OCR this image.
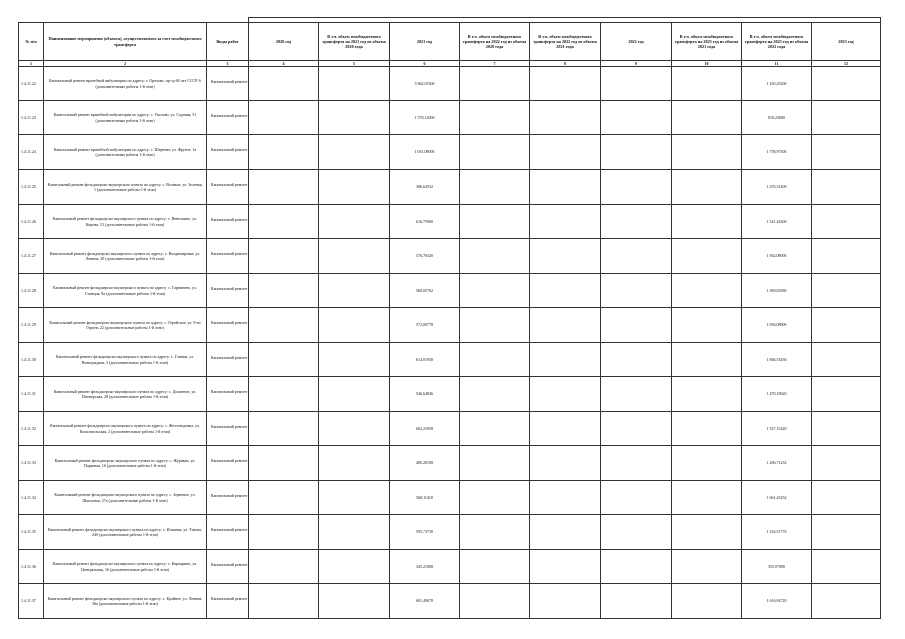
№ п/п	Наименование мероприятия (объекта), осуществляемого за счет межбюджетного трансферта	Виды работ	2020 год	В т.ч. объем межбюджетного трансферта на 2021 год из объема 2020 года	2021 год	В т.ч. объем межбюджетного трансферта на 2022 год из объема 2020 года	В т.ч. объем межбюджетного трансферта на 2022 год из объема 2021 года	2022 год	В т.ч. объем межбюджетного трансферта на 2023 год из объема 2021 года	В т.ч. объем межбюджетного трансферта на 2023 год из объема 2022 года	2023 год
1	2	3	4	5	6	7	8	9	10	11	12
1.4.11.22	Капитальный ремонт врачебной амбулатории по адресу: г. Орехово, пр-зд 60 лет СССР, 6 (дополнительные работы 1-й этап)	Капитальный ремонт			3 962,05300					1 165,25200	
1.4.11.23	Капитальный ремонт врачебной амбулатории по адресу: с. Уколово, ул. Садовая, 51 (дополнительные работы 1-й этап)	Капитальный ремонт			1 570,12000					810,23600	
1.4.11.24	Капитальный ремонт врачебной амбулатории по адресу: с. Шеремет, ул. Фрунзе, 1а (дополнительные работы 1-й этап)	Капитальный ремонт			1 051,08000					1 758,97300	
1.4.11.25	Капитальный ремонт фельдшерско-акушерского пункта по адресу: с. Великое, ул. Зеленая, 1 (дополнительные работы 1-й этап)	Капитальный ремонт			386,64532					1 255,31400	
1.4.11.26	Капитальный ремонт фельдшерско-акушерского пункта по адресу: с. Венелкино, ул. Кирова, 51 (дополнительные работы 1-й этап)	Капитальный ремонт			616,75900					1 541,44300	
1.4.11.27	Капитальный ремонт фельдшерско-акушерского пункта по адресу: с. Владимировка, ул. Ленина, 20 (дополнительные работы 1-й этап)	Капитальный ремонт			576,76320					1 562,08000	
1.4.11.28	Капитальный ремонт фельдшерско-акушерского пункта по адресу: с. Гарнинево, ул. Станция, 8а (дополнительные работы 1-й этап)	Капитальный ремонт			560,05702					1 369,03580	
1.4.11.29	Капитальный ремонт фельдшерско-акушерского пункта по адресу: с. Геройское, ул. 9-ти Героев, 22 (дополнительные работы 1-й этап)	Капитальный ремонт			572,00778					1 056,08000	
1.4.11.30	Капитальный ремонт фельдшерско-акушерского пункта по адресу: с. Глинки, ул. Виноградная, 3 (дополнительные работы 1-й этап)	Капитальный ремонт			614,01938					1 846,53436	
1.4.11.31	Капитальный ремонт фельдшерско-акушерского пункта по адресу: с. Долинное, ул. Пионерская, 28 (дополнительные работы 1-й этап)	Капитальный ремонт			546,64846					1 470,19620	
1.4.11.32	Капитальный ремонт фельдшерско-акушерского пункта по адресу: с. Желтоводовка, ул. Комсомольская, 2 (дополнительные работы 1-й этап)	Капитальный ремонт			602,21058					1 527,15420	
1.4.11.33	Капитальный ремонт фельдшерско-акушерского пункта по адресу: с. Журавли, ул. Парковая, 16 (дополнительные работы 1-й этап)	Капитальный ремонт			400,20108					1 206,71232	
1.4.11.34	Капитальный ремонт фельдшерско-акушерского пункта по адресу: с. Зерновое, ул. Школьная, 27а (дополнительные работы 1-й этап)	Капитальный ремонт			568,11418					1 661,43252	
1.4.11.35	Капитальный ремонт фельдшерско-акушерского пункта по адресу: с. Ильинка, ул. Титова, 24б (дополнительные работы 1-й этап)	Капитальный ремонт			595,73730					1 163,51776	
1.4.11.36	Капитальный ремонт фельдшерско-акушерского пункта по адресу: с. Кирьярино, ул. Центральная, 16 (дополнительные работы 1-й этап)	Капитальный ремонт			345,21008					355,07080	
1.4.11.37	Капитальный ремонт фельдшерско-акушерского пункта по адресу: с. Крайнее, ул. Ленина, 36а (дополнительные работы 1-й этап)	Капитальный ремонт			601,49678					1 616,94720	
